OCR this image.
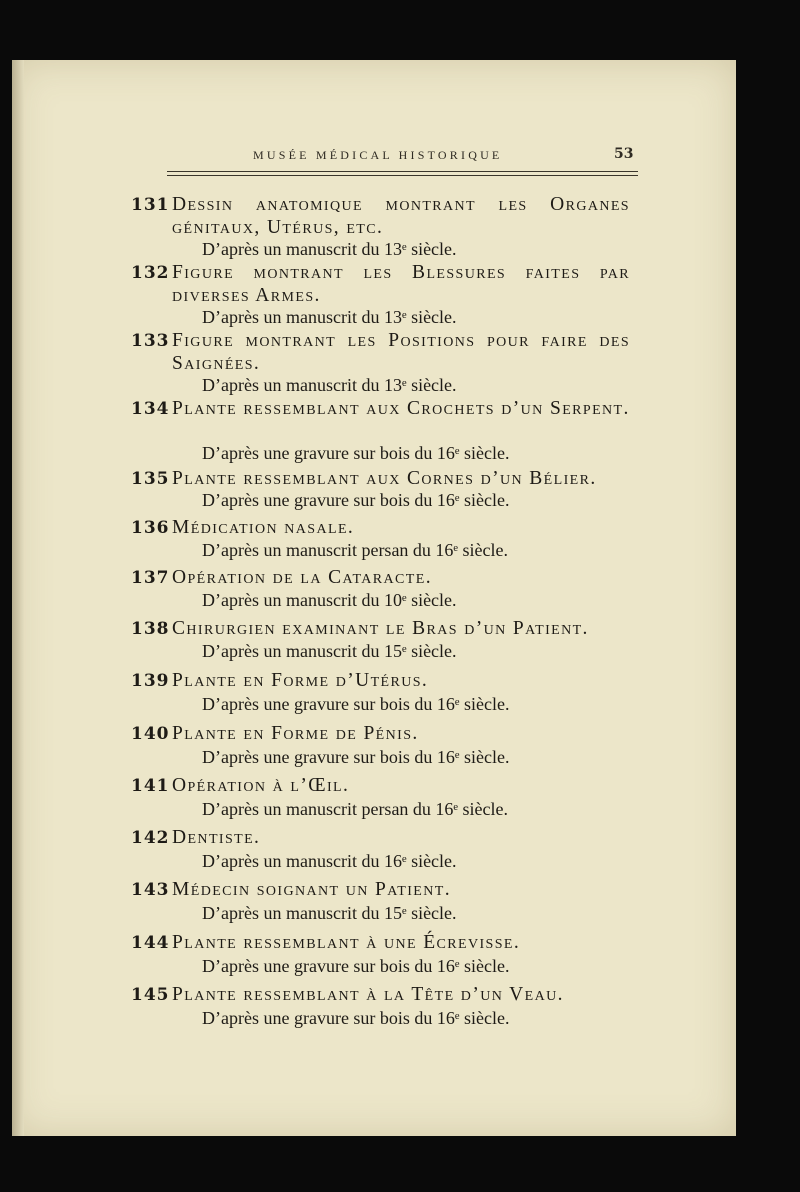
MUSÉE MÉDICAL HISTORIQUE	53
131 Dessin anatomique montrant les Organes génitaux, Utérus, etc.
D’après un manuscrit du 13ᵉ siècle.
132 Figure montrant les Blessures faites par diverses Armes.
D’après un manuscrit du 13ᵉ siècle.
133 Figure montrant les Positions pour faire des Saignées.
D’après un manuscrit du 13ᵉ siècle.
134 Plante ressemblant aux Crochets d’un Serpent.
D’après une gravure sur bois du 16ᵉ siècle.
135 Plante ressemblant aux Cornes d’un Bélier.
D’après une gravure sur bois du 16ᵉ siècle.
136 Médication nasale.
D’après un manuscrit persan du 16ᵉ siècle.
137 Opération de la Cataracte.
D’après un manuscrit du 10ᵉ siècle.
138 Chirurgien examinant le Bras d’un Patient.
D’après un manuscrit du 15ᵉ siècle.
139 Plante en Forme d’Utérus.
D’après une gravure sur bois du 16ᵉ siècle.
140 Plante en Forme de Pénis.
D’après une gravure sur bois du 16ᵉ siècle.
141 Opération à l’Œil.
D’après un manuscrit persan du 16ᵉ siècle.
142 Dentiste.
D’après un manuscrit du 16ᵉ siècle.
143 Médecin soignant un Patient.
D’après un manuscrit du 15ᵉ siècle.
144 Plante ressemblant à une Écrevisse.
D’après une gravure sur bois du 16ᵉ siècle.
145 Plante ressemblant à la Tête d’un Veau.
D’après une gravure sur bois du 16ᵉ siècle.
